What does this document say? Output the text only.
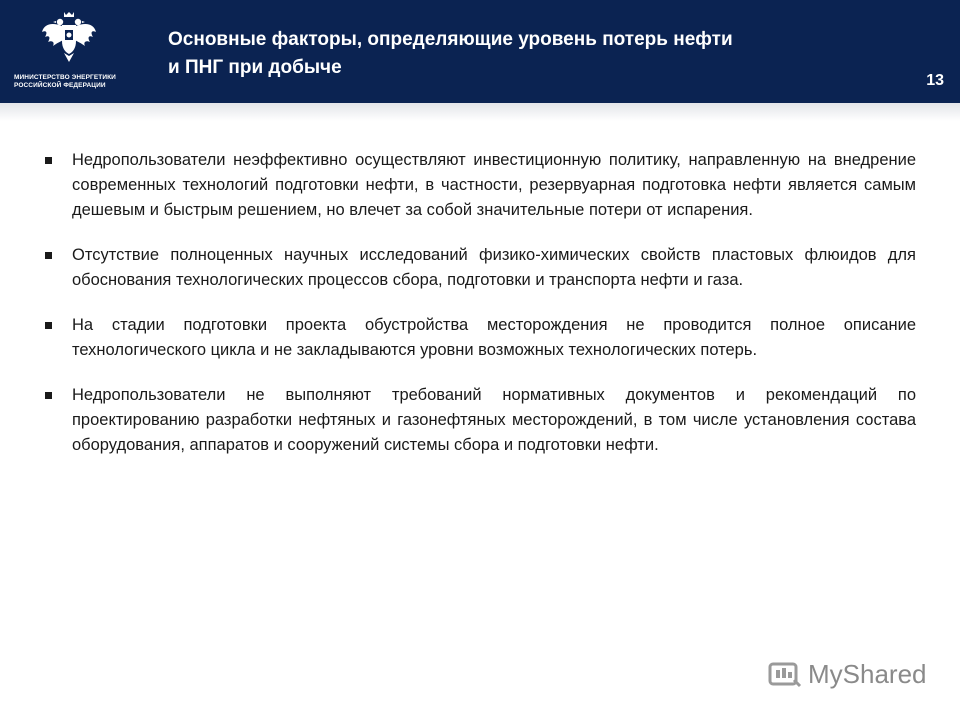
МИНИСТЕРСТВО ЭНЕРГЕТИКИ
РОССИЙСКОЙ ФЕДЕРАЦИИ
Основные факторы, определяющие уровень потерь нефти
и ПНГ при добыче
13
Недропользователи неэффективно осуществляют инвестиционную политику, направленную на внедрение современных технологий подготовки нефти, в частности, резервуарная подготовка нефти является самым дешевым и быстрым решением, но влечет за собой значительные потери от испарения.
Отсутствие полноценных научных исследований физико-химических свойств пластовых флюидов для обоснования технологических процессов сбора, подготовки и транспорта нефти и газа.
На стадии подготовки проекта обустройства месторождения не проводится полное описание технологического цикла и не закладываются уровни возможных технологических потерь.
Недропользователи не выполняют требований нормативных документов и рекомендаций по проектированию разработки нефтяных и газонефтяных месторождений, в том числе установления состава оборудования, аппаратов и сооружений системы сбора и подготовки нефти.
MyShared
